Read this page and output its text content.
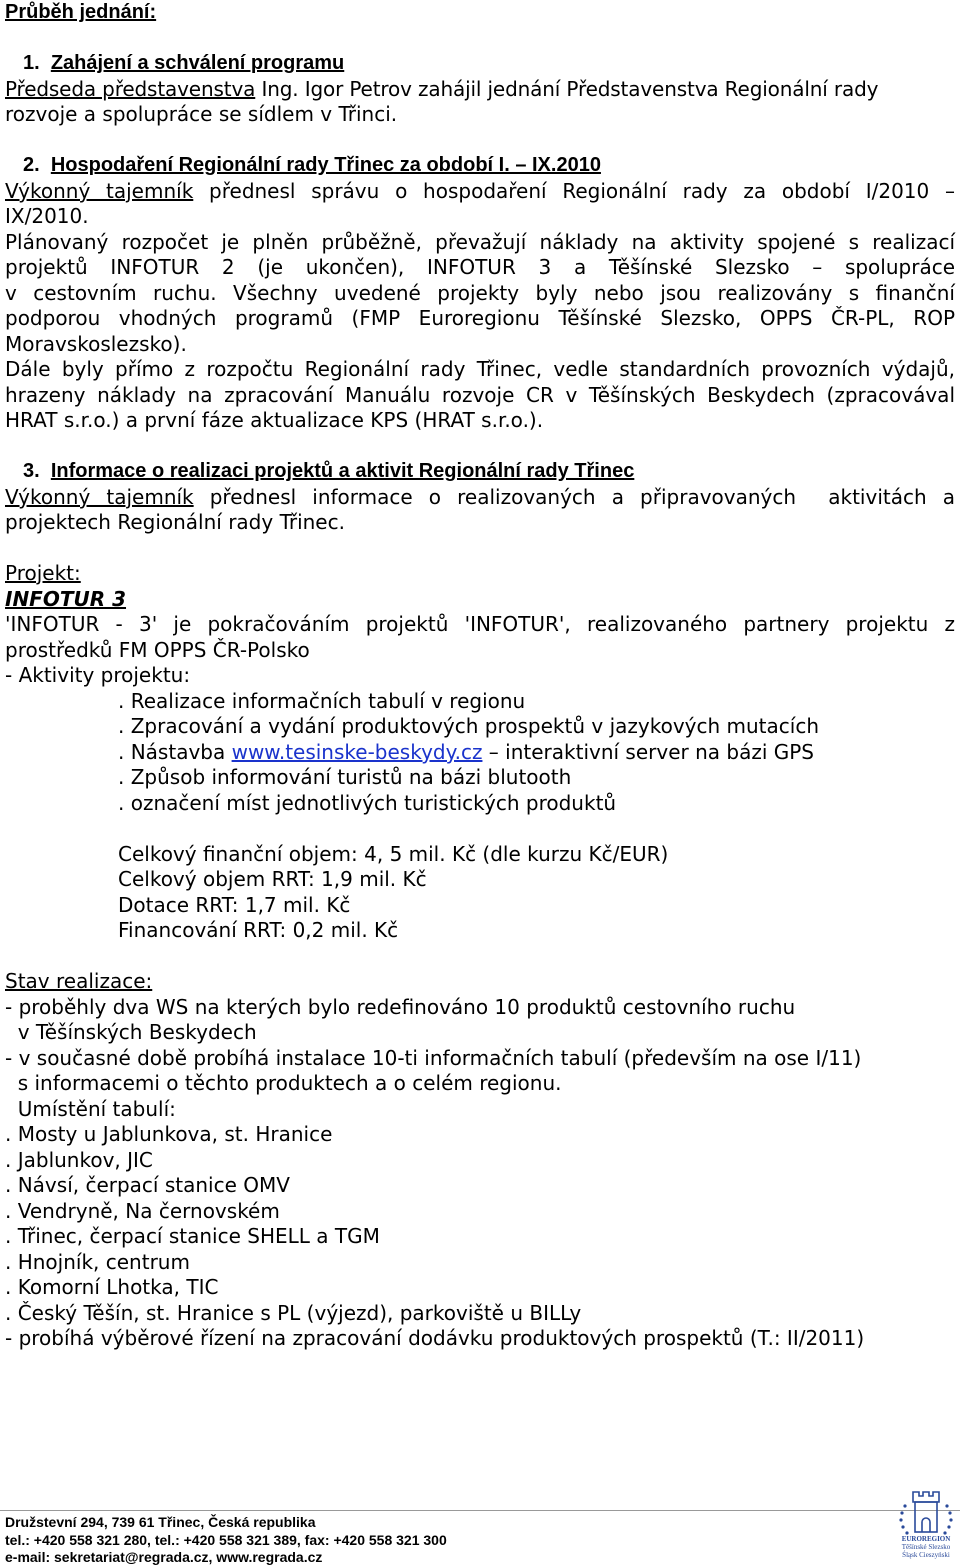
Průběh jednání:
1. Zahájení a schválení programu
Předseda představenstva Ing. Igor Petrov zahájil jednání Představenstva Regionální rady
rozvoje a spolupráce se sídlem v Třinci.
2. Hospodaření Regionální rady Třinec za období I. – IX.2010
Výkonný tajemník přednesl správu o hospodaření Regionální rady za období I/2010 –
IX/2010.
Plánovaný rozpočet je plněn průběžně, převažují náklady na aktivity spojené s realizací
projektů INFOTUR 2 (je ukončen), INFOTUR 3 a Těšínské Slezsko – spolupráce
v cestovním ruchu. Všechny uvedené projekty byly nebo jsou realizovány s finanční
podporou vhodných programů (FMP Euroregionu Těšínské Slezsko, OPPS ČR-PL, ROP
Moravskoslezsko).
Dále byly přímo z rozpočtu Regionální rady Třinec, vedle standardních provozních výdajů,
hrazeny náklady na zpracování Manuálu rozvoje CR v Těšínských Beskydech (zpracovával
HRAT s.r.o.) a první fáze aktualizace KPS (HRAT s.r.o.).
3. Informace o realizaci projektů a aktivit Regionální rady Třinec
Výkonný tajemník přednesl informace o realizovaných a připravovaných  aktivitách a
projektech Regionální rady Třinec.
Projekt:
INFOTUR 3
'INFOTUR - 3' je pokračováním projektů 'INFOTUR', realizovaného partnery projektu z
prostředků FM OPPS ČR-Polsko
- Aktivity projektu:
. Realizace informačních tabulí v regionu
. Zpracování a vydání produktových prospektů v jazykových mutacích
. Nástavba www.tesinske-beskydy.cz – interaktivní server na bázi GPS
. Způsob informování turistů na bázi blutooth
. označení míst jednotlivých turistických produktů
Celkový finanční objem: 4, 5 mil. Kč (dle kurzu Kč/EUR)
Celkový objem RRT: 1,9 mil. Kč
Dotace RRT: 1,7 mil. Kč
Financování RRT: 0,2 mil. Kč
Stav realizace:
- proběhly dva WS na kterých bylo redefinováno 10 produktů cestovního ruchu
v Těšínských Beskydech
- v současné době probíhá instalace 10-ti informačních tabulí (především na ose I/11)
s informacemi o těchto produktech a o celém regionu.
Umístění tabulí:
. Mosty u Jablunkova, st. Hranice
. Jablunkov, JIC
. Návsí, čerpací stanice OMV
. Vendryně, Na černovském
. Třinec, čerpací stanice SHELL a TGM
. Hnojník, centrum
. Komorní Lhotka, TIC
. Český Těšín, st. Hranice s PL (výjezd), parkoviště u BILLy
- probíhá výběrové řízení na zpracování dodávku produktových prospektů (T.: II/2011)
Družstevní 294, 739 61 Třinec, Česká republika
tel.: +420 558 321 280, tel.: +420 558 321 389, fax: +420 558 321 300
e-mail: sekretariat@regrada.cz, www.regrada.cz
EUROREGION
Těšínské Slezsko
Śląsk Cieszyński
